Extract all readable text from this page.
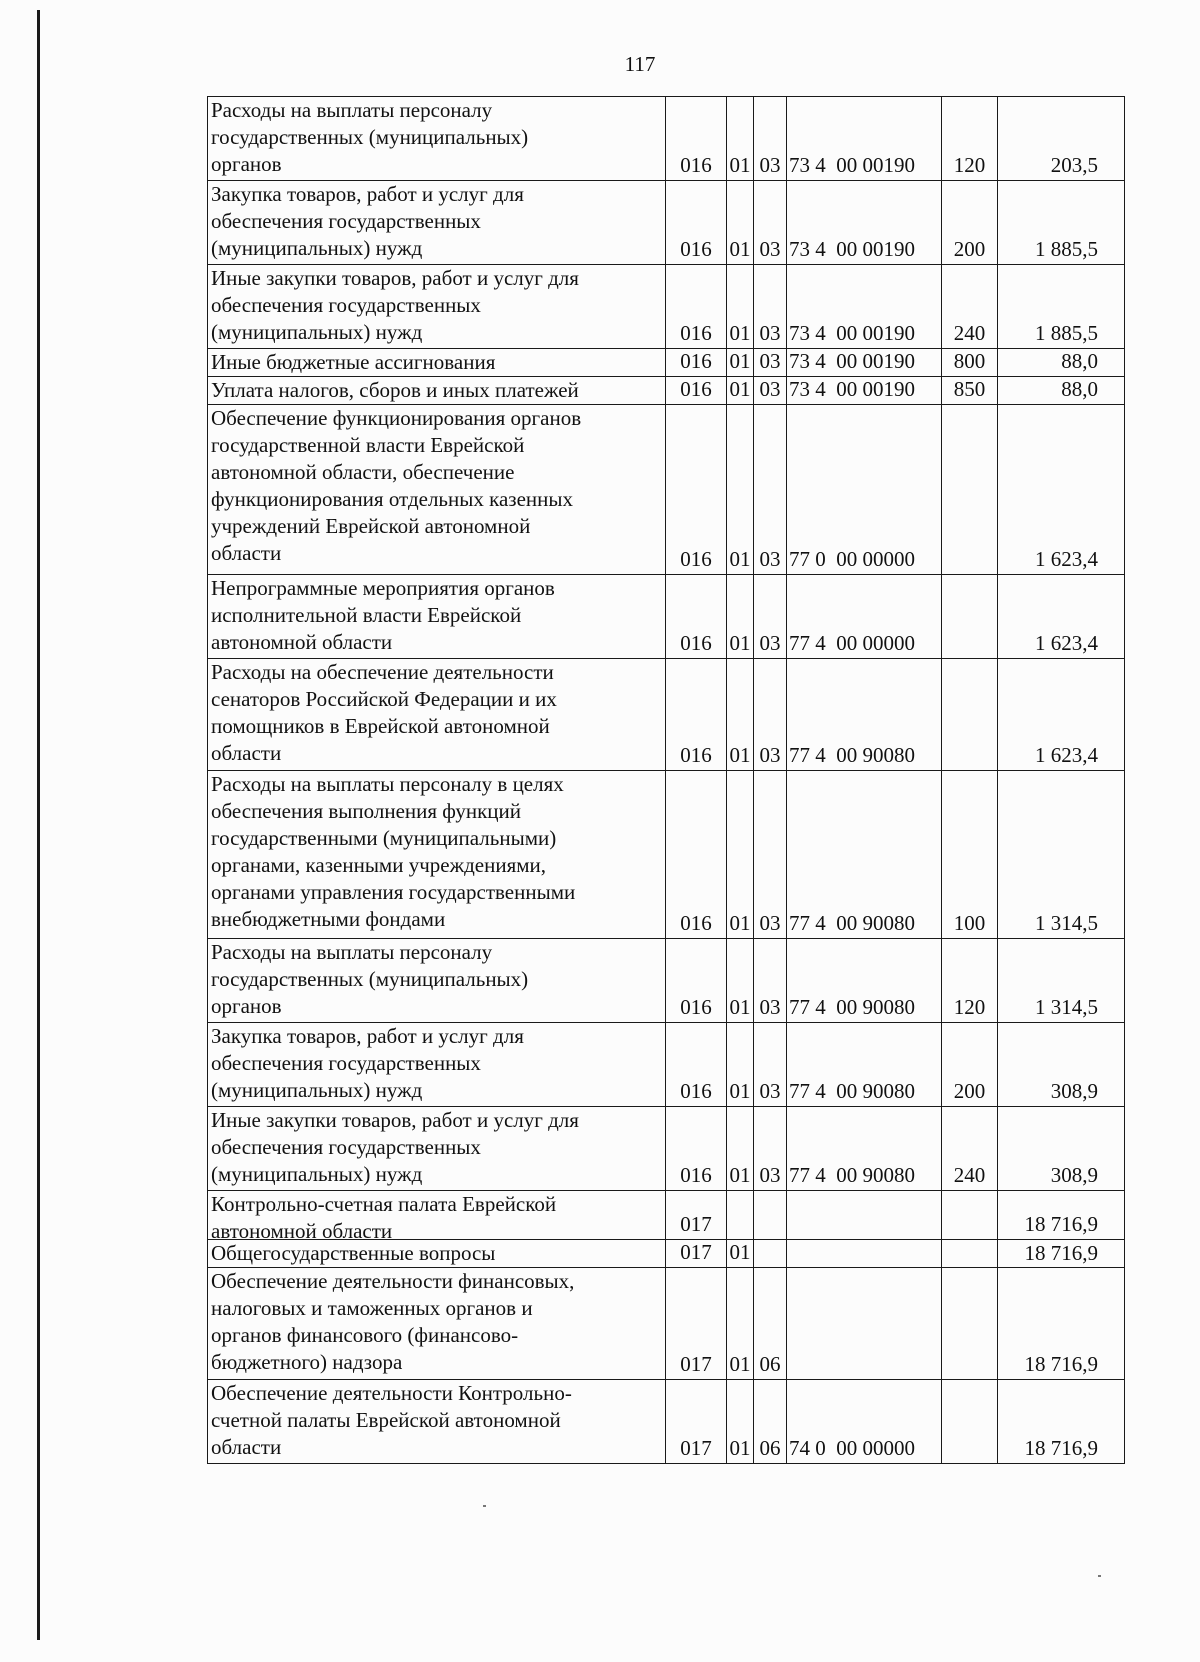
117
Расходы на выплаты персоналу
государственных (муниципальных)
органов	016 01 03 73 4  00 00190	120	203,5
Закупка товаров, работ и услуг для
обеспечения государственных
(муниципальных) нужд	016 01 03 73 4  00 00190	200	1 885,5
Иные закупки товаров, работ и услуг для
обеспечения государственных
(муниципальных) нужд	016 01 03 73 4  00 00190	240	1 885,5
Иные бюджетные ассигнования	016 01 03 73 4  00 00190	800	88,0
Уплата налогов, сборов и иных платежей	016 01 03 73 4  00 00190	850	88,0
Обеспечение функционирования органов
государственной власти Еврейской
автономной области, обеспечение
функционирования отдельных казенных
учреждений Еврейской автономной
области	016 01 03 77 0  00 00000	1 623,4
Непрограммные мероприятия органов
исполнительной власти Еврейской
автономной области	016 01 03 77 4  00 00000	1 623,4
Расходы на обеспечение деятельности
сенаторов Российской Федерации и их
помощников в Еврейской автономной
области	016 01 03 77 4  00 90080	1 623,4
Расходы на выплаты персоналу в целях
обеспечения выполнения функций
государственными (муниципальными)
органами, казенными учреждениями,
органами управления государственными
внебюджетными фондами	016 01 03 77 4  00 90080	100	1 314,5
Расходы на выплаты персоналу
государственных (муниципальных)
органов	016 01 03 77 4  00 90080	120	1 314,5
Закупка товаров, работ и услуг для
обеспечения государственных
(муниципальных) нужд	016 01 03 77 4  00 90080	200	308,9
Иные закупки товаров, работ и услуг для
обеспечения государственных
(муниципальных) нужд	016 01 03 77 4  00 90080	240	308,9
Контрольно-счетная палата Еврейской
автономной области	017	18 716,9
Общегосударственные вопросы	017 01	18 716,9
Обеспечение деятельности финансовых,
налоговых и таможенных органов и
органов финансового (финансово-
бюджетного) надзора	017 01 06	18 716,9
Обеспечение деятельности Контрольно-
счетной палаты Еврейской автономной
области	017 01 06 74 0  00 00000	18 716,9
